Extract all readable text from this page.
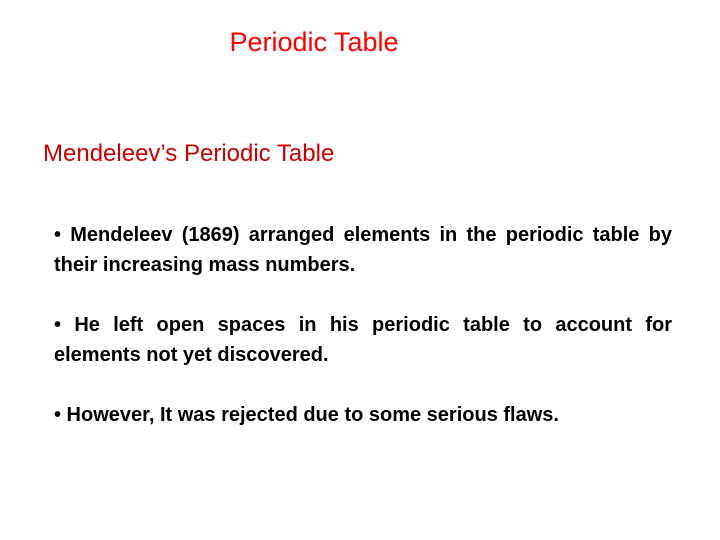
Periodic Table
Mendeleev’s Periodic Table
• Mendeleev (1869) arranged elements in the periodic table by their increasing mass numbers.
• He left open spaces in his periodic table to account for elements not yet discovered.
• However, It was rejected due to some serious flaws.
